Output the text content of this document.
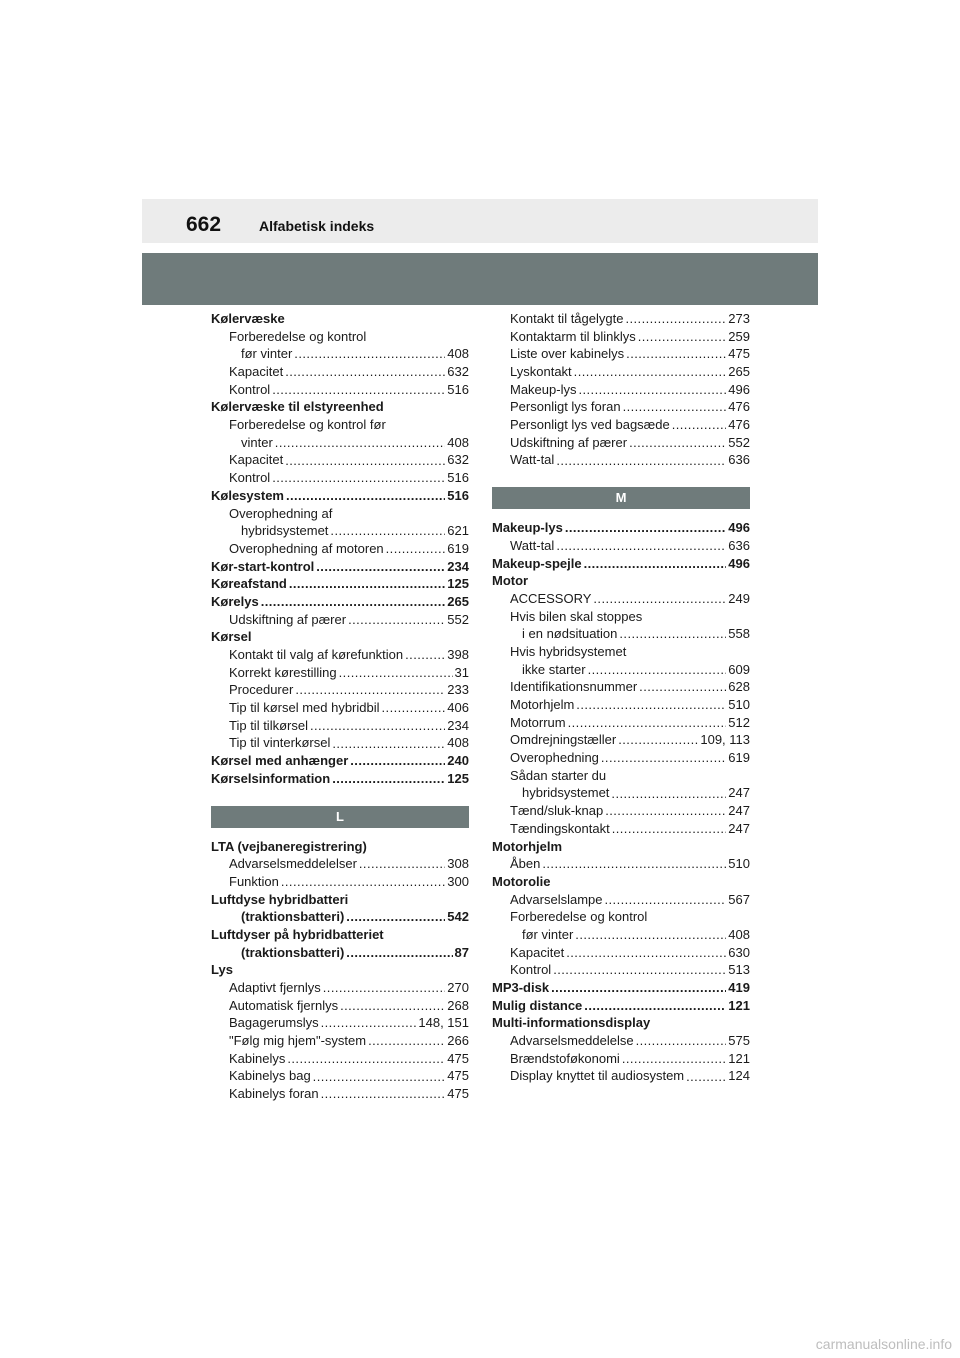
662	Alfabetisk indeks
Kølervæske
Forberedelse og kontrol
før vinter . . .	408
Kapacitet . . .	632
Kontrol . . .	516
Kølervæske til elstyreenhed
Forberedelse og kontrol før
vinter . . .	408
Kapacitet . . .	632
Kontrol . . .	516
Kølesystem . . .	516
Overophedning af
hybridsystemet . . .	621
Overophedning af motoren . . .	619
Kør-start-kontrol . . .	234
Køreafstand . . .	125
Kørelys . . .	265
Udskiftning af pærer . . .	552
Kørsel
Kontakt til valg af kørefunktion . . .	398
Korrekt kørestilling . . .	31
Procedurer . . .	233
Tip til kørsel med hybridbil . . .	406
Tip til tilkørsel . . .	234
Tip til vinterkørsel . . .	408
Kørsel med anhænger . . .	240
Kørselsinformation . . .	125
L
LTA (vejbaneregistrering)
Advarselsmeddelelser . . .	308
Funktion . . .	300
Luftdyse hybridbatteri
(traktionsbatteri) . . .	542
Luftdyser på hybridbatteriet
(traktionsbatteri) . . .	87
Lys
Adaptivt fjernlys . . .	270
Automatisk fjernlys . . .	268
Bagagerumslys . . .	148, 151
"Følg mig hjem"-system . . .	266
Kabinelys . . .	475
Kabinelys bag . . .	475
Kabinelys foran . . .	475
Kontakt til tågelygte . . .	273
Kontaktarm til blinklys . . .	259
Liste over kabinelys . . .	475
Lyskontakt . . .	265
Makeup-lys . . .	496
Personligt lys foran . . .	476
Personligt lys ved bagsæde . . .	476
Udskiftning af pærer . . .	552
Watt-tal . . .	636
M
Makeup-lys . . .	496
Watt-tal . . .	636
Makeup-spejle . . .	496
Motor
ACCESSORY . . .	249
Hvis bilen skal stoppes
i en nødsituation . . .	558
Hvis hybridsystemet
ikke starter . . .	609
Identifikationsnummer . . .	628
Motorhjelm . . .	510
Motorrum . . .	512
Omdrejningstæller . . .	109, 113
Overophedning . . .	619
Sådan starter du
hybridsystemet . . .	247
Tænd/sluk-knap . . .	247
Tændingskontakt . . .	247
Motorhjelm
Åben . . .	510
Motorolie
Advarselslampe . . .	567
Forberedelse og kontrol
før vinter . . .	408
Kapacitet . . .	630
Kontrol . . .	513
MP3-disk . . .	419
Mulig distance . . .	121
Multi-informationsdisplay
Advarselsmeddelelse . . .	575
Brændstoføkonomi . . .	121
Display knyttet til audiosystem . . .	124
carmanualsonline.info
